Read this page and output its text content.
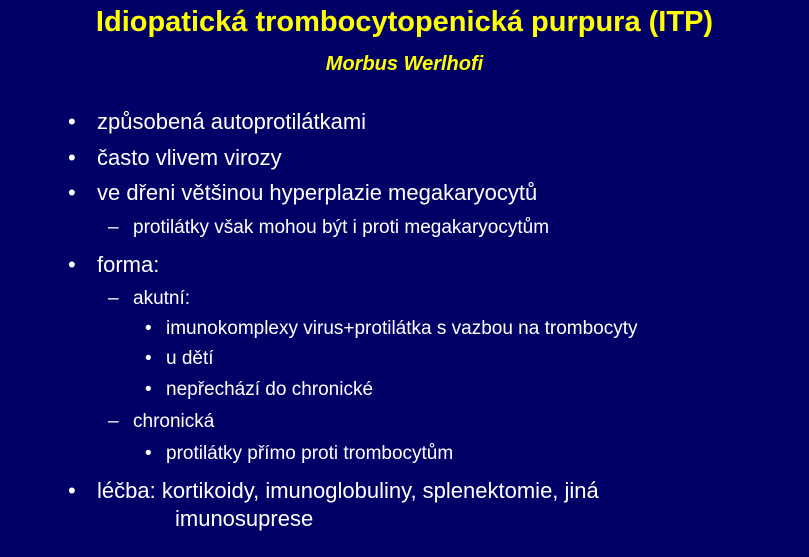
Idiopatická trombocytopenická purpura (ITP)
Morbus Werlhofi
• způsobená autoprotilátkami
• často vlivem virozy
• ve dřeni většinou hyperplazie megakaryocytů
– protilátky však mohou být i proti megakaryocytům
• forma:
– akutní:
• imunokomplexy virus+protilátka s vazbou na trombocyty
• u dětí
• nepřechází do chronické
– chronická
• protilátky přímo proti trombocytům
• léčba: kortikoidy, imunoglobuliny, splenektomie, jiná
imunosuprese
